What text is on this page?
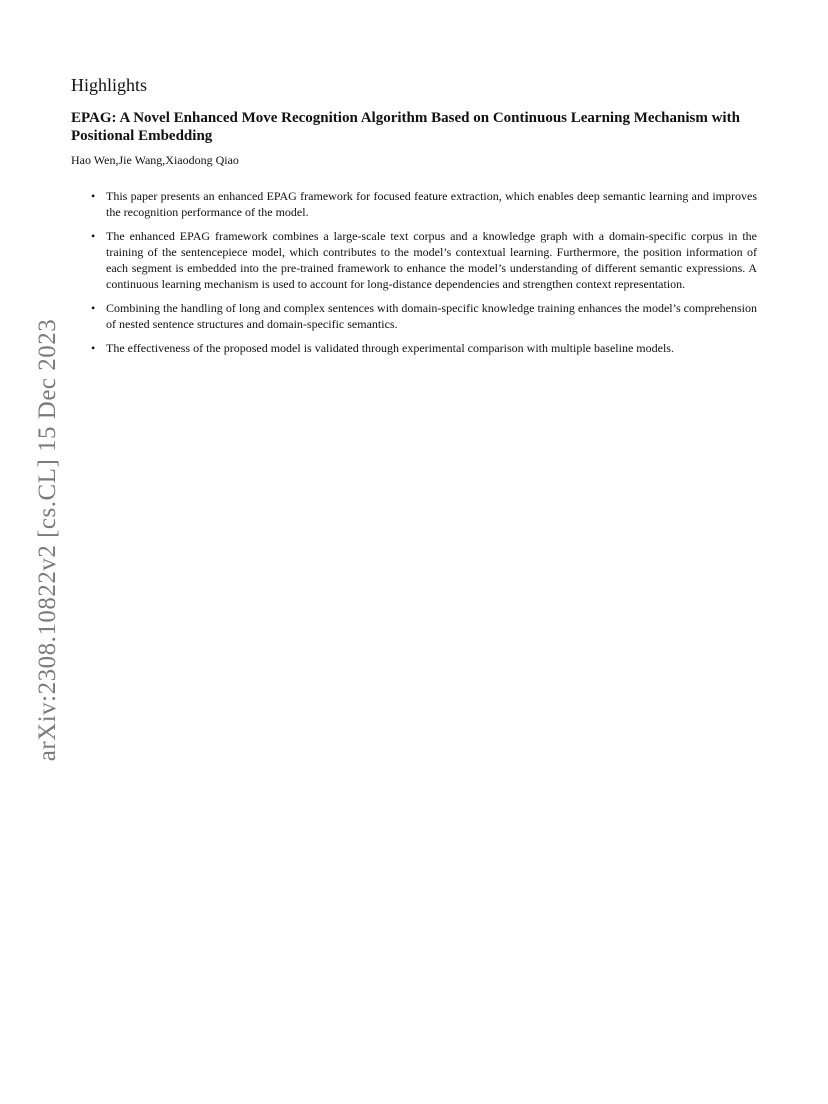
arXiv:2308.10822v2 [cs.CL] 15 Dec 2023
Highlights
EPAG: A Novel Enhanced Move Recognition Algorithm Based on Continuous Learning Mechanism with Positional Embedding
Hao Wen,Jie Wang,Xiaodong Qiao
• This paper presents an enhanced EPAG framework for focused feature extraction, which enables deep semantic learning and improves the recognition performance of the model.
• The enhanced EPAG framework combines a large-scale text corpus and a knowledge graph with a domain-specific corpus in the training of the sentencepiece model, which contributes to the model’s contextual learning. Furthermore, the position information of each segment is embedded into the pre-trained framework to enhance the model’s understanding of different semantic expressions. A continuous learning mechanism is used to account for long-distance dependencies and strengthen context representation.
• Combining the handling of long and complex sentences with domain-specific knowledge training enhances the model’s comprehension of nested sentence structures and domain-specific semantics.
• The effectiveness of the proposed model is validated through experimental comparison with multiple baseline models.
